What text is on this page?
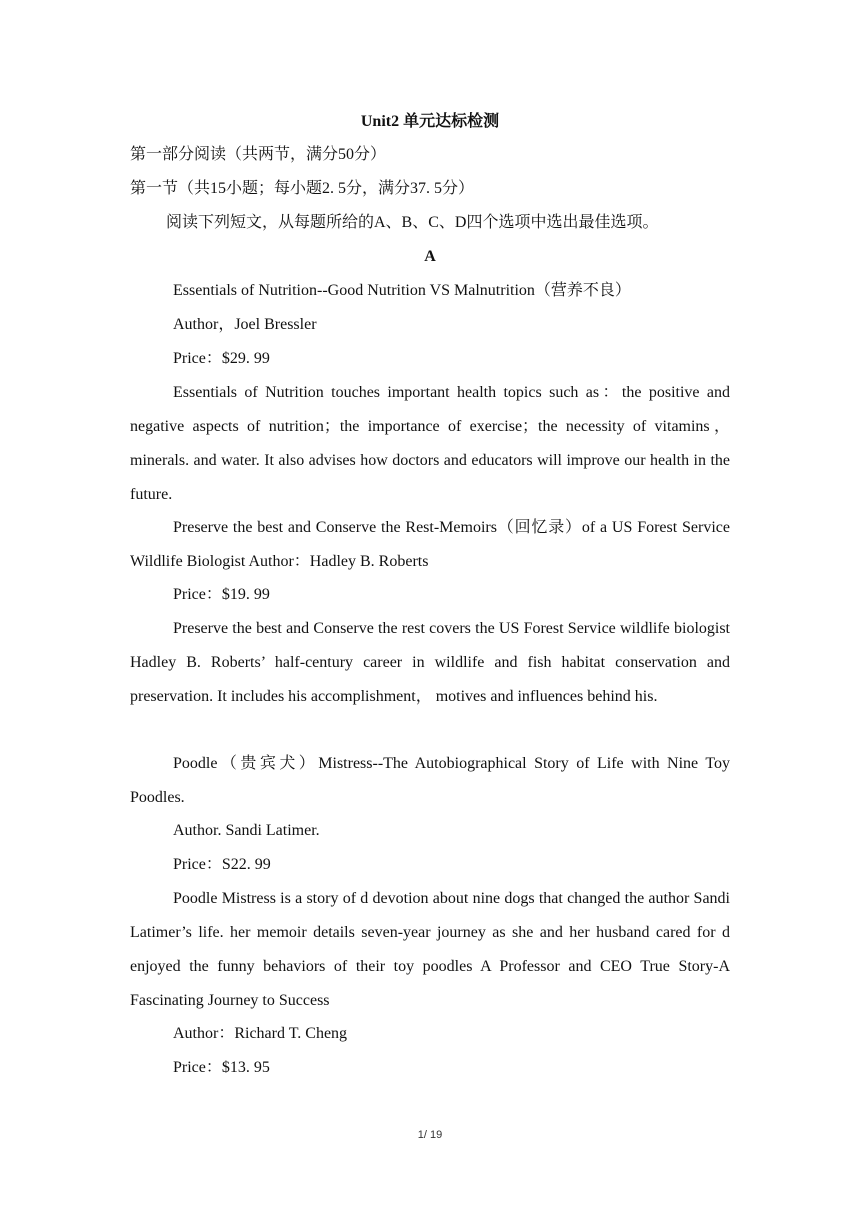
Unit2 单元达标检测
第一部分阅读（共两节，满分50分）
第一节（共15小题；每小题2. 5分，满分37. 5分）
阅读下列短文，从每题所给的A、B、C、D四个选项中选出最佳选项。
A
Essentials of Nutrition--Good Nutrition VS Malnutrition（营养不良）
Author，Joel Bressler
Price：$29. 99
Essentials of Nutrition touches important health topics such as：the positive and negative aspects of nutrition；the importance of exercise；the necessity of vitamins，minerals. and water. It also advises how doctors and educators will improve our health in the future.
Preserve the best and Conserve the Rest-Memoirs（回忆录）of a US Forest Service Wildlife Biologist Author：Hadley B. Roberts
Price：$19. 99
Preserve the best and Conserve the rest covers the US Forest Service wildlife biologist Hadley B. Roberts’ half-century career in wildlife and fish habitat conservation and preservation. It includes his accomplishment， motives and influences behind his.
Poodle（贵宾犬）Mistress--The Autobiographical Story of Life with Nine Toy Poodles.
Author. Sandi Latimer.
Price：S22. 99
Poodle Mistress is a story of d devotion about nine dogs that changed the author Sandi Latimer’s life. her memoir details seven-year journey as she and her husband cared for d enjoyed the funny behaviors of their toy poodles A Professor and CEO True Story-A Fascinating Journey to Success
Author：Richard T. Cheng
Price：$13. 95
1/ 19
